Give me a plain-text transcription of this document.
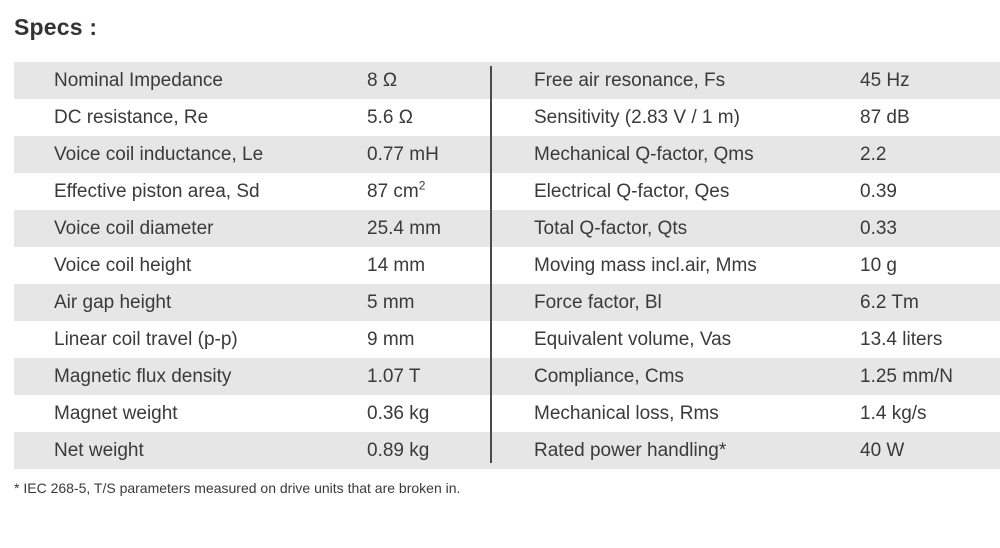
Specs :
Nominal Impedance	8 Ω	Free air resonance, Fs	45 Hz
DC resistance, Re	5.6 Ω	Sensitivity (2.83 V / 1 m)	87 dB
Voice coil inductance, Le	0.77 mH	Mechanical Q-factor, Qms	2.2
Effective piston area, Sd	87 $cm^2$	Electrical Q-factor, Qes	0.39
Voice coil diameter	25.4 mm	Total Q-factor, Qts	0.33
Voice coil height	14 mm	Moving mass incl.air, Mms	10 g
Air gap height	5 mm	Force factor, Bl	6.2 Tm
Linear coil travel (p-p)	9 mm	Equivalent volume, Vas	13.4 liters
Magnetic flux density	1.07 T	Compliance, Cms	1.25 mm/N
Magnet weight	0.36 kg	Mechanical loss, Rms	1.4 kg/s
Net weight	0.89 kg	Rated power handling*	40 W
* IEC 268-5, T/S parameters measured on drive units that are broken in.
